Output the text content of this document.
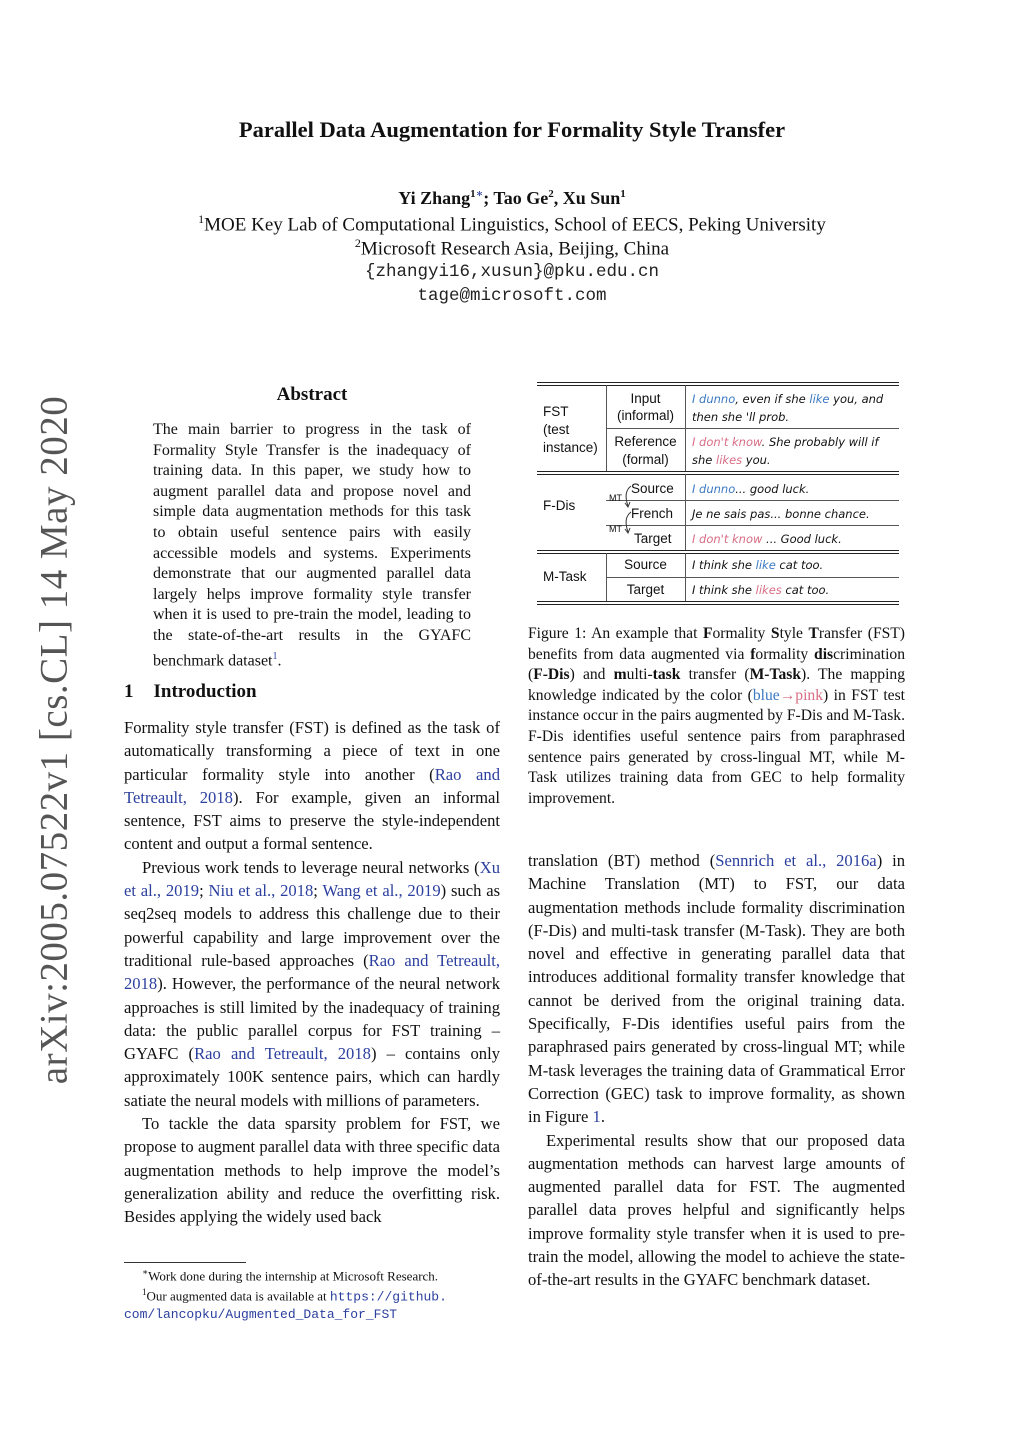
arXiv:2005.07522v1 [cs.CL] 14 May 2020
Parallel Data Augmentation for Formality Style Transfer
Yi Zhang$^{1∗}$; Tao Ge$^2$, Xu Sun$^1$
$^1$MOE Key Lab of Computational Linguistics, School of EECS, Peking University
$^2$Microsoft Research Asia, Beijing, China
{zhangyi16,xusun}@pku.edu.cn
tage@microsoft.com
Abstract
The main barrier to progress in the task of Formality Style Transfer is the inadequacy of training data. In this paper, we study how to augment parallel data and propose novel and simple data augmentation methods for this task to obtain useful sentence pairs with easily accessible models and systems. Experiments demonstrate that our augmented parallel data largely helps improve formality style transfer when it is used to pre-train the model, leading to the state-of-the-art results in the GYAFC benchmark dataset$^1$.
1 Introduction

Formality style transfer (FST) is defined as the task of automatically transforming a piece of text in one particular formality style into another (Rao and Tetreault, 2018). For example, given an informal sentence, FST aims to preserve the style-independent content and output a formal sentence.

Previous work tends to leverage neural networks (Xu et al., 2019; Niu et al., 2018; Wang et al., 2019) such as seq2seq models to address this challenge due to their powerful capability and large improvement over the traditional rule-based approaches (Rao and Tetreault, 2018). However, the performance of the neural network approaches is still limited by the inadequacy of training data: the public parallel corpus for FST training – GYAFC (Rao and Tetreault, 2018) – contains only approximately 100K sentence pairs, which can hardly satiate the neural models with millions of parameters.

To tackle the data sparsity problem for FST, we propose to augment parallel data with three specific data augmentation methods to help improve the model’s generalization ability and reduce the overfitting risk. Besides applying the widely used back

∗Work done during the internship at Microsoft Research.
$^1$Our augmented data is available at https://github.
com/lancopku/Augmented_Data_for_FST
FST
(test
instance)
Input
(informal)
Reference
(formal)
I dunno, even if she like you, and
then she 'll prob.
I don't know. She probably will if
she likes you.
F-Dis	MT
MT
Source
French
Target
I dunno... good luck.
Je ne sais pas... bonne chance.
I don't know ... Good luck.
M-Task
Source
Target
I think she like cat too.
I think she likes cat too.
Figure 1: An example that Formality Style Transfer (FST) benefits from data augmented via formality discrimination (F-Dis) and multi-task transfer (M-Task). The mapping knowledge indicated by the color (blue→pink) in FST test instance occur in the pairs augmented by F-Dis and M-Task. F-Dis identifies useful sentence pairs from paraphrased sentence pairs generated by cross-lingual MT, while M-Task utilizes training data from GEC to help formality improvement.

translation (BT) method (Sennrich et al., 2016a) in Machine Translation (MT) to FST, our data augmentation methods include formality discrimination (F-Dis) and multi-task transfer (M-Task). They are both novel and effective in generating parallel data that introduces additional formality transfer knowledge that cannot be derived from the original training data. Specifically, F-Dis identifies useful pairs from the paraphrased pairs generated by cross-lingual MT; while M-task leverages the training data of Grammatical Error Correction (GEC) task to improve formality, as shown in Figure 1.

Experimental results show that our proposed data augmentation methods can harvest large amounts of augmented parallel data for FST. The augmented parallel data proves helpful and significantly helps improve formality style transfer when it is used to pre-train the model, allowing the model to achieve the state-of-the-art results in the GYAFC benchmark dataset.
